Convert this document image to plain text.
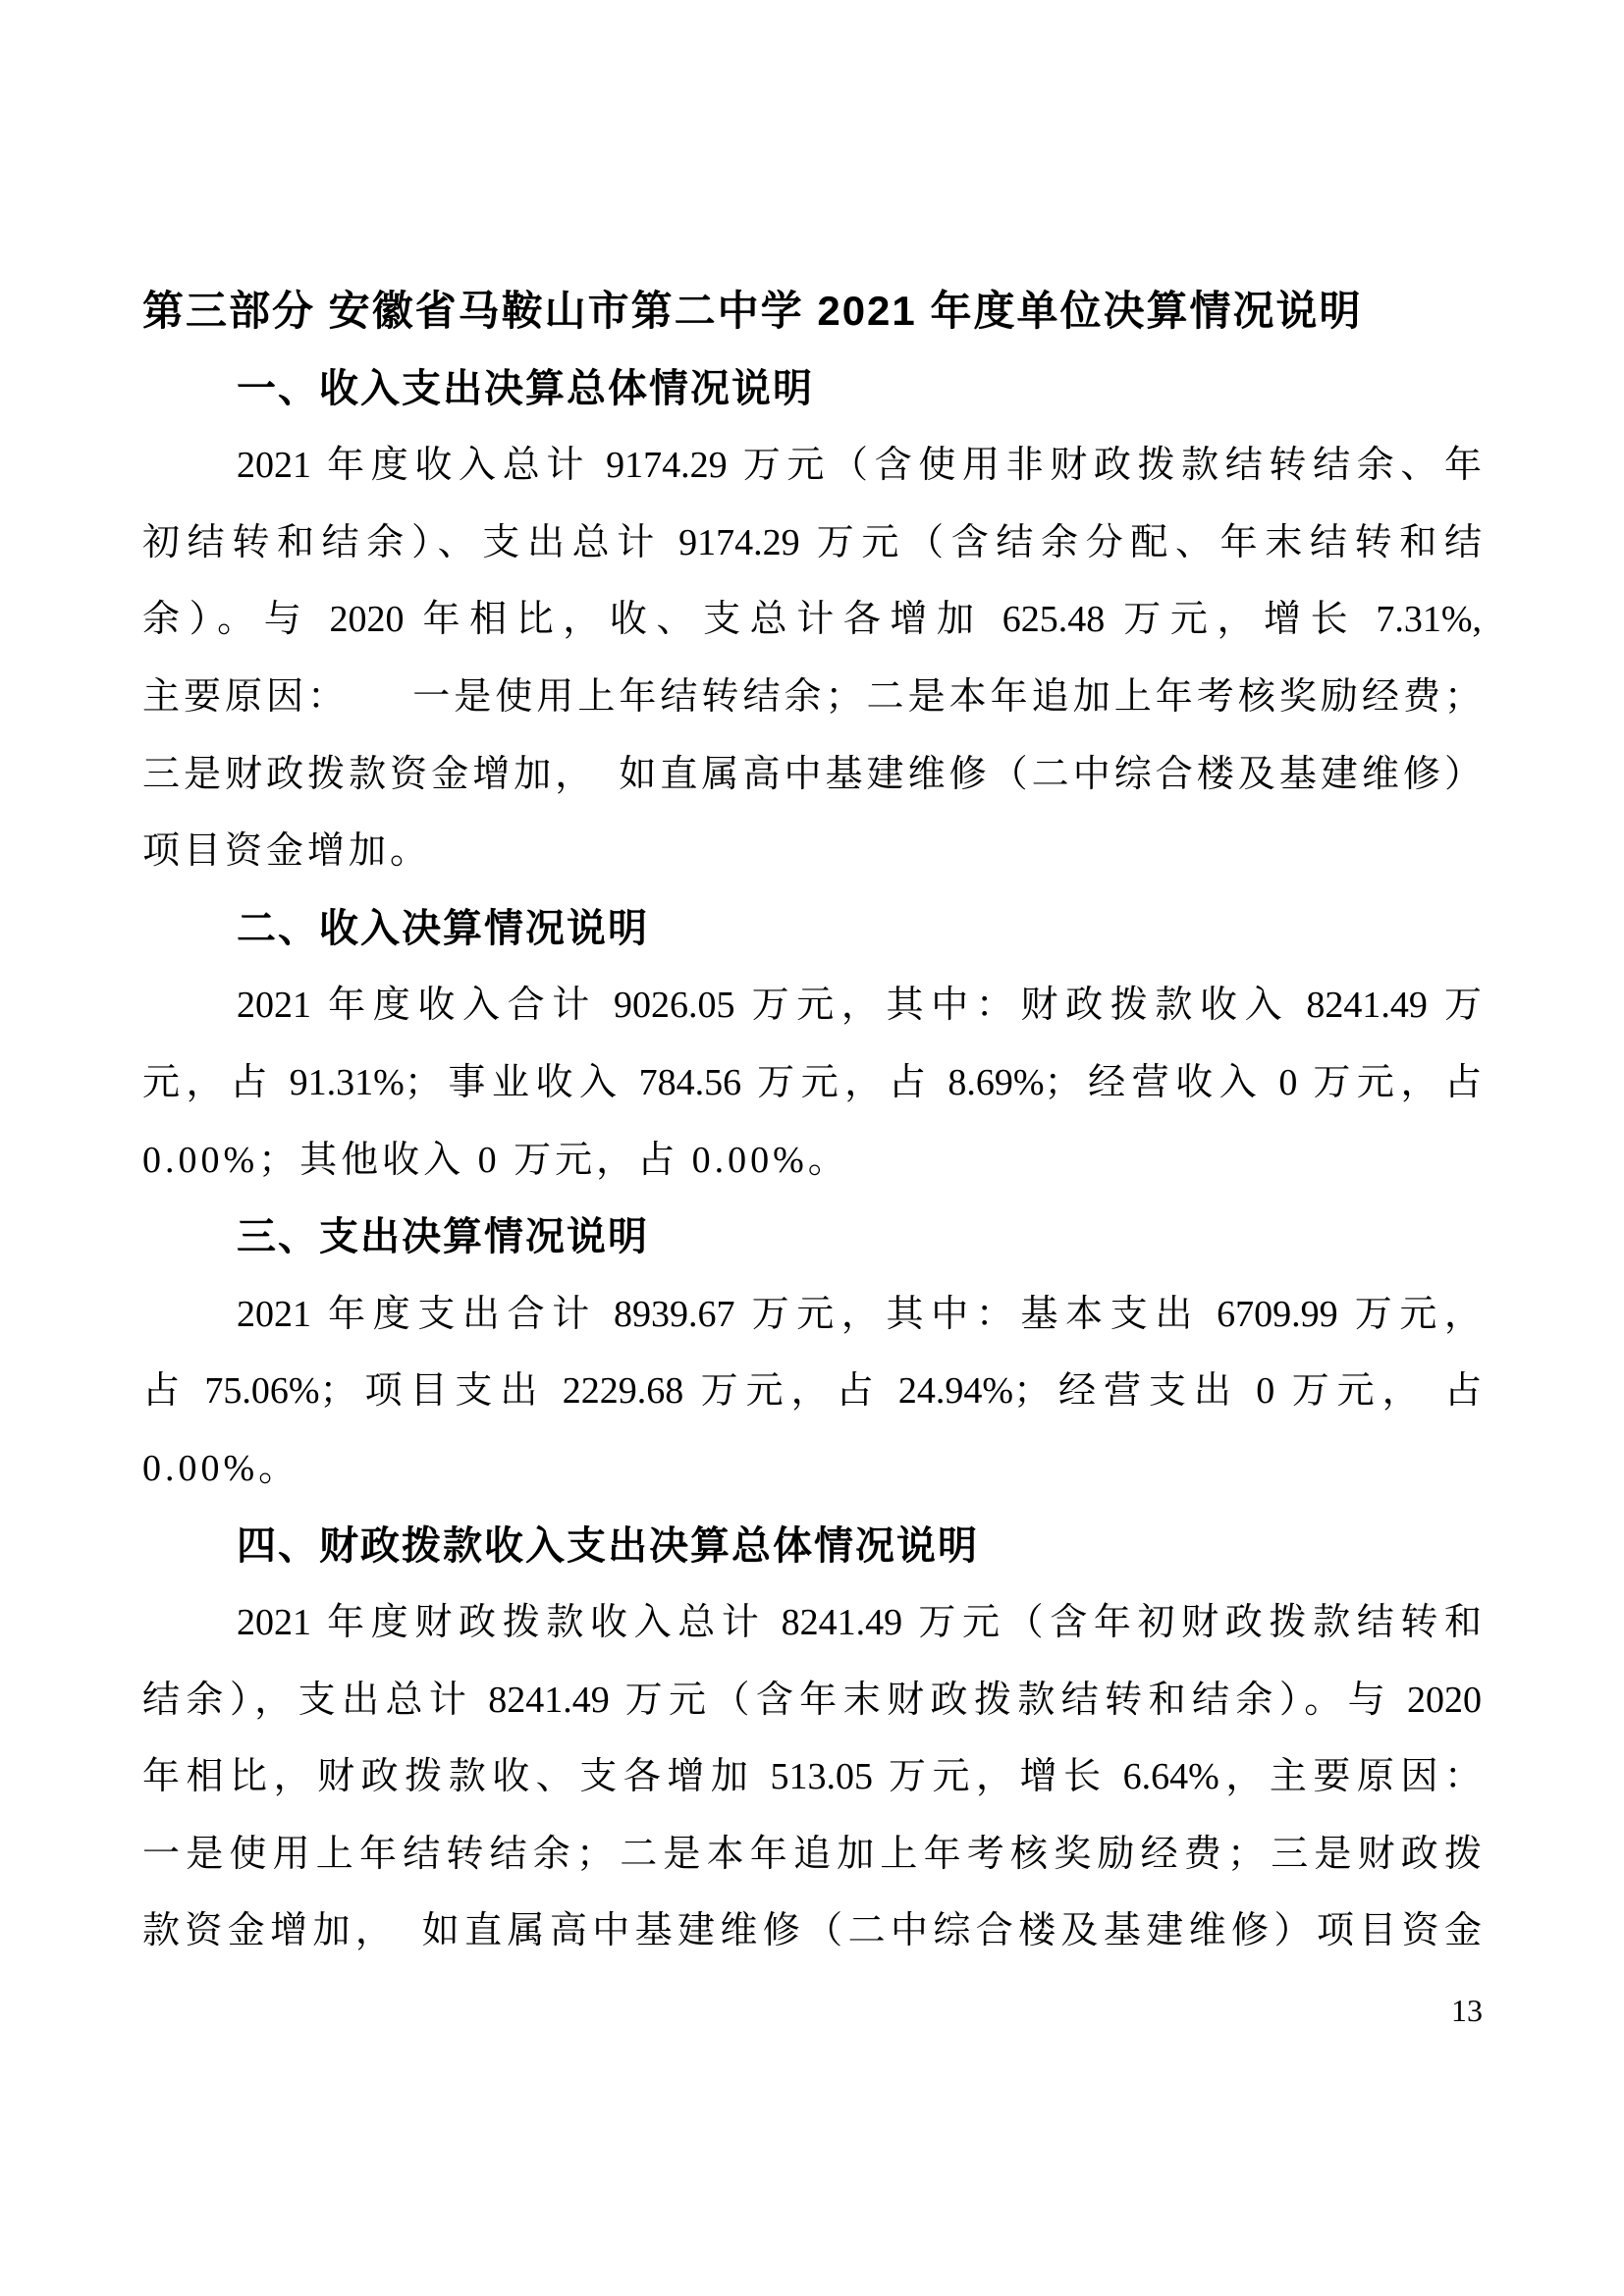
第三部分 安徽省马鞍山市第二中学 2021 年度单位决算情况说明
一、收入支出决算总体情况说明
2021 年度收入总计 9174.29 万元（含使用非财政拨款结转结余、年
初结转和结余）、支出总计 9174.29 万元（含结余分配、年末结转和结
余）。与 2020 年相比，收、支总计各增加 625.48 万元，增长 7.31%,
主要原因：　　一是使用上年结转结余；二是本年追加上年考核奖励经费；
三是财政拨款资金增加，　如直属高中基建维修（二中综合楼及基建维修）
项目资金增加。
二、收入决算情况说明
2021 年度收入合计 9026.05 万元，其中：财政拨款收入 8241.49 万
元，占 91.31%；事业收入 784.56 万元，占 8.69%；经营收入 0 万元，占
0.00%；其他收入 0 万元，占 0.00%。
三、支出决算情况说明
2021 年度支出合计 8939.67 万元，其中：基本支出 6709.99 万元，
占 75.06%；项目支出 2229.68 万元，占 24.94%；经营支出 0 万元， 占
0.00%。
四、财政拨款收入支出决算总体情况说明
2021 年度财政拨款收入总计 8241.49 万元（含年初财政拨款结转和
结余），支出总计 8241.49 万元（含年末财政拨款结转和结余）。与 2020
年相比，财政拨款收、支各增加 513.05 万元，增长 6.64%，主要原因：
一是使用上年结转结余；二是本年追加上年考核奖励经费；三是财政拨
款资金增加，　如直属高中基建维修（二中综合楼及基建维修）项目资金
13
